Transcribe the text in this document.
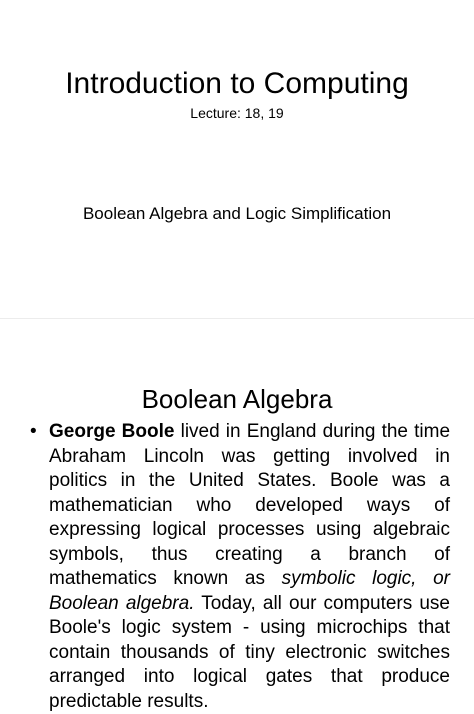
Introduction to Computing
Lecture: 18, 19
Boolean Algebra and Logic Simplification
Boolean Algebra
• George Boole lived in England during the time Abraham Lincoln was getting involved in politics in the United States. Boole was a mathematician who developed ways of expressing logical processes using algebraic symbols, thus creating a branch of mathematics known as symbolic logic, or Boolean algebra. Today, all our computers use Boole's logic system - using microchips that contain thousands of tiny electronic switches arranged into logical gates that produce predictable results.
